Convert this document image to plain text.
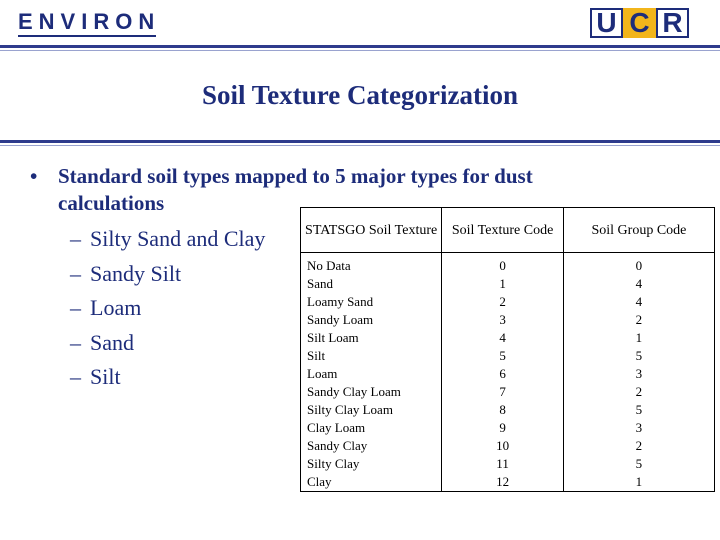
ENVIRON	U C R
Soil Texture Categorization
• Standard soil types mapped to 5 major types for dust calculations
– Silty Sand and Clay
– Sandy Silt
– Loam
– Sand
– Silt
STATSGO Soil Texture	Soil Texture Code	Soil Group Code
No Data	0	0
Sand	1	4
Loamy Sand	2	4
Sandy Loam	3	2
Silt Loam	4	1
Silt	5	5
Loam	6	3
Sandy Clay Loam	7	2
Silty Clay Loam	8	5
Clay Loam	9	3
Sandy Clay	10	2
Silty Clay	11	5
Clay	12	1
